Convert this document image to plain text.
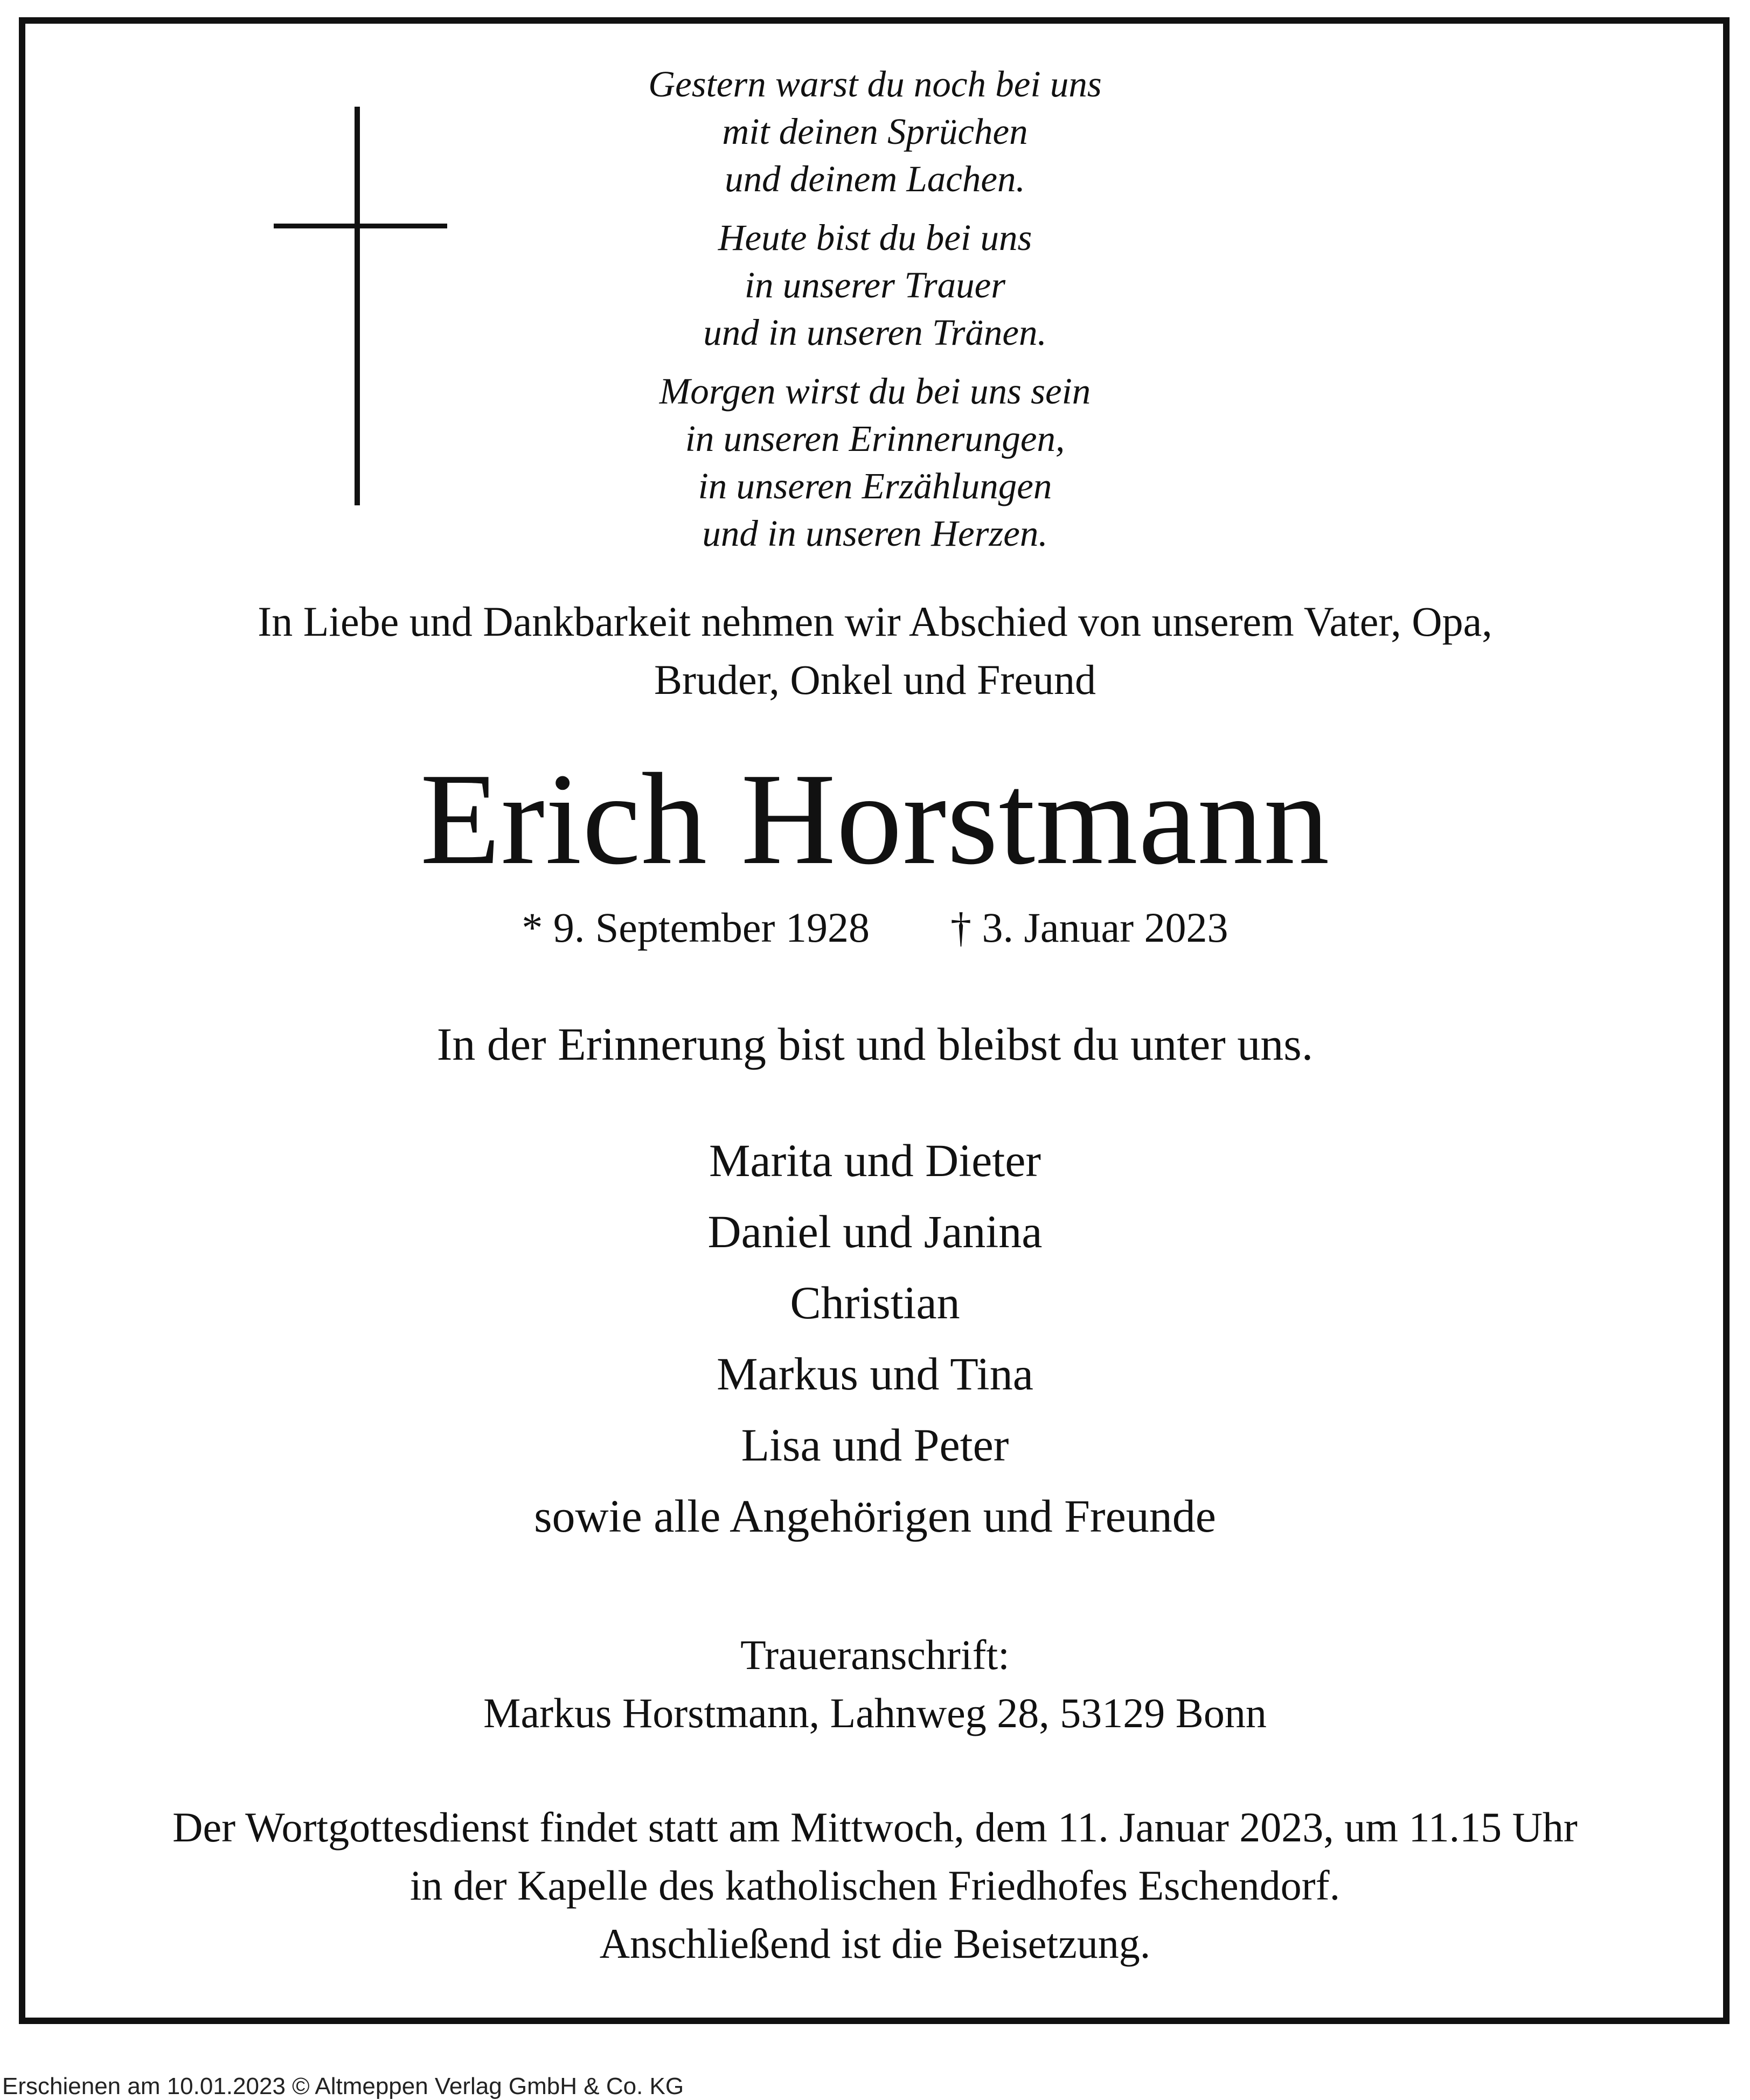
Gestern warst du noch bei uns
mit deinen Sprüchen
und deinem Lachen.
Heute bist du bei uns
in unserer Trauer
und in unseren Tränen.
Morgen wirst du bei uns sein
in unseren Erinnerungen,
in unseren Erzählungen
und in unseren Herzen.
In Liebe und Dankbarkeit nehmen wir Abschied von unserem Vater, Opa,
Bruder, Onkel und Freund
Erich Horstmann
* 9. September 1928 † 3. Januar 2023
In der Erinnerung bist und bleibst du unter uns.
Marita und Dieter
Daniel und Janina
Christian
Markus und Tina
Lisa und Peter
sowie alle Angehörigen und Freunde
Traueranschrift:
Markus Horstmann, Lahnweg 28, 53129 Bonn
Der Wortgottesdienst findet statt am Mittwoch, dem 11. Januar 2023, um 11.15 Uhr
in der Kapelle des katholischen Friedhofes Eschendorf.
Anschließend ist die Beisetzung.
Erschienen am 10.01.2023 © Altmeppen Verlag GmbH & Co. KG
